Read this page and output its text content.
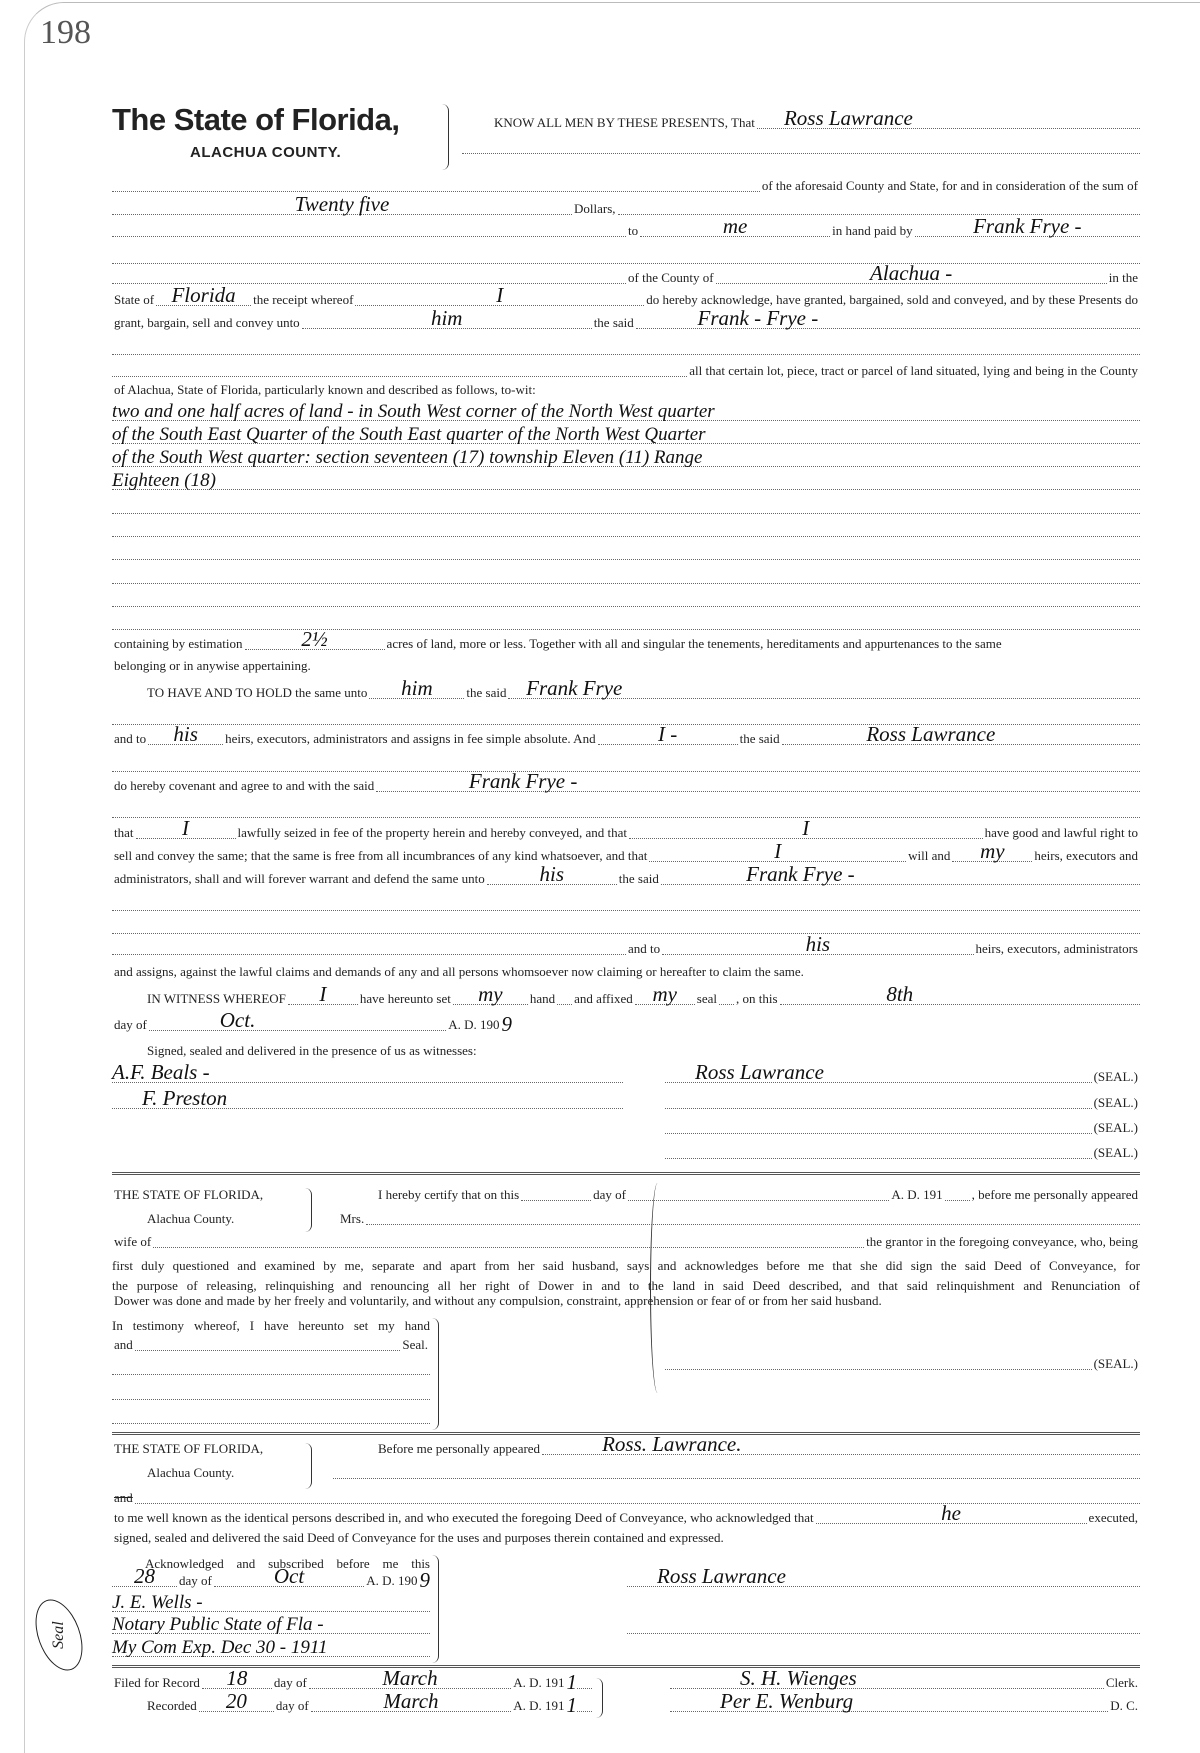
198
The State of Florida,
ALACHUA COUNTY.
KNOW ALL MEN BY THESE PRESENTS, That Ross Lawrance
of the aforesaid County and State, for and in consideration of the sum of
Twenty five	Dollars,
to	me	in hand paid by	Frank Frye -
of the County of	Alachua -	in the
State of Florida the receipt whereof	I	do hereby acknowledge, have granted, bargained, sold and conveyed, and by these Presents do
grant, bargain, sell and convey unto	him	the said	Frank - Frye -
all that certain lot, piece, tract or parcel of land situated, lying and being in the County
of Alachua, State of Florida, particularly known and described as follows, to-wit:
two and one half acres of land - in South West corner of the North West quarter
of the South East Quarter of the South East quarter of the North West Quarter
of the South West quarter: section seventeen (17) township Eleven (11) Range
Eighteen (18)
containing by estimation	2½	acres of land, more or less. Together with all and singular the tenements, hereditaments and appurtenances to the same
belonging or in anywise appertaining.
TO HAVE AND TO HOLD the same unto him	the said Frank Frye
and to his heirs, executors, administrators and assigns in fee simple absolute. And	I -	the said	Ross Lawrance
do hereby covenant and agree to and with the said	Frank Frye -
that I	lawfully seized in fee of the property herein and hereby conveyed, and that	I	have good and lawful right to
sell and convey the same; that the same is free from all incumbrances of any kind whatsoever, and that	I	will and my heirs, executors and
administrators, shall and will forever warrant and defend the same unto	his	the said	Frank Frye -
and to	his	heirs, executors, administrators
and assigns, against the lawful claims and demands of any and all persons whomsoever now claiming or hereafter to claim the same.
IN WITNESS WHEREOF I	have hereunto set my hand and affixed my seal , on this	8th
day of	Oct.	A. D. 190 9
Signed, sealed and delivered in the presence of us as witnesses:
A.F. Beals -
F. Preston
Ross Lawrance	(SEAL.)
(SEAL.)
(SEAL.)
(SEAL.)
THE STATE OF FLORIDA,	I hereby certify that on this	day of	A. D. 191 , before me personally appeared
Alachua County.	Mrs.
wife of	the grantor in the foregoing conveyance, who, being
first duly questioned and examined by me, separate and apart from her said husband, says and acknowledges before me that she did sign the said Deed of Conveyance, for
the purpose of releasing, relinquishing and renouncing all her right of Dower in and to the land in said Deed described, and that said relinquishment and Renunciation of
Dower was done and made by her freely and voluntarily, and without any compulsion, constraint, apprehension or fear of or from her said husband.
In testimony whereof, I have hereunto set my hand
and	Seal.
(SEAL.)
THE STATE OF FLORIDA,	Before me personally appeared	Ross. Lawrance.
Alachua County.
and
to me well known as the identical persons described in, and who executed the foregoing Deed of Conveyance, who acknowledged that	he	executed,
signed, sealed and delivered the said Deed of Conveyance for the uses and purposes therein contained and expressed.
Acknowledged and subscribed before me this
28 day of	Oct	A. D. 190 9	Ross Lawrance
J. E. Wells -
Notary Public State of Fla -
My Com Exp. Dec 30 - 1911
Seal
Filed for Record 18 day of	March	A. D. 191 1
Recorded 20 day of	March	A. D. 191 1
S. H. Wienges	Clerk.
Per E. Wenburg	D. C.
